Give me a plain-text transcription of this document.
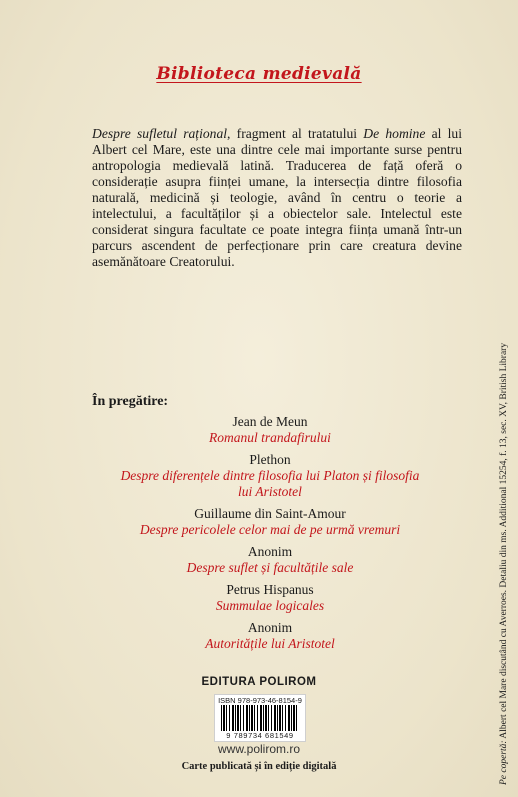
Biblioteca medievală
Despre sufletul rațional, fragment al tratatului De homine al lui Albert cel Mare, este una dintre cele mai importante surse pentru antropologia medievală latină. Traducerea de față oferă o considerație asupra ființei umane, la intersecția dintre filosofia naturală, medicină și teologie, având în centru o teorie a intelectului, a facultăților și a obiectelor sale. Intelectul este considerat singura facultate ce poate integra ființa umană într-un parcurs ascendent de perfecționare prin care creatura devine asemănătoare Creatorului.
În pregătire:
Jean de Meun
Romanul trandafirului
Plethon
Despre diferențele dintre filosofia lui Platon și filosofia lui Aristotel
Guillaume din Saint-Amour
Despre pericolele celor mai de pe urmă vremuri
Anonim
Despre suflet și facultățile sale
Petrus Hispanus
Summulae logicales
Anonim
Autoritățile lui Aristotel
EDITURA POLIROM
ISBN 978-973-46-8154-9
9 789734 681549
www.polirom.ro
Carte publicată și în ediție digitală	Pe copertă: Albert cel Mare discutând cu Averroes. Detaliu din ms. Additional 15254, f. 13, sec. XV, British Library
